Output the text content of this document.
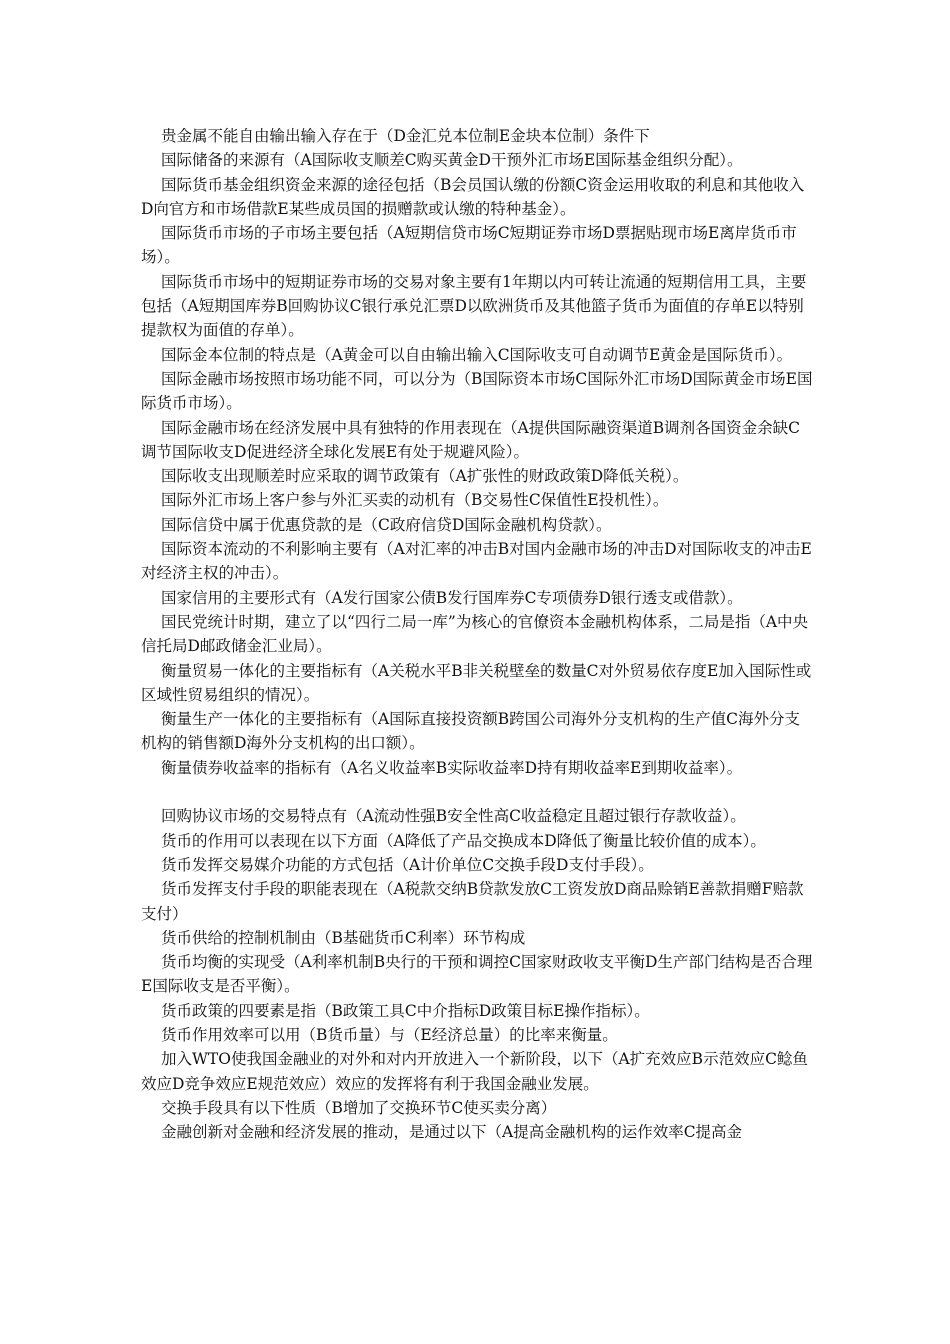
贵金属不能自由输出输入存在于（D金汇兑本位制E金块本位制）条件下

国际储备的来源有（A国际收支顺差C购买黄金D干预外汇市场E国际基金组织分配）。

国际货币基金组织资金来源的途径包括（B会员国认缴的份额C资金运用收取的利息和其他收入D向官方和市场借款E某些成员国的损赠款或认缴的特种基金）。

国际货币市场的子市场主要包括（A短期信贷市场C短期证券市场D票据贴现市场E离岸货币市场）。

国际货币市场中的短期证券市场的交易对象主要有1年期以内可转让流通的短期信用工具，主要包括（A短期国库券B回购协议C银行承兑汇票D以欧洲货币及其他篮子货币为面值的存单E以特别提款权为面值的存单）。

国际金本位制的特点是（A黄金可以自由输出输入C国际收支可自动调节E黄金是国际货币）。

国际金融市场按照市场功能不同，可以分为（B国际资本市场C国际外汇市场D国际黄金市场E国际货币市场）。

国际金融市场在经济发展中具有独特的作用表现在（A提供国际融资渠道B调剂各国资金余缺C调节国际收支D促进经济全球化发展E有处于规避风险）。

国际收支出现顺差时应采取的调节政策有（A扩张性的财政政策D降低关税）。

国际外汇市场上客户参与外汇买卖的动机有（B交易性C保值性E投机性）。

国际信贷中属于优惠贷款的是（C政府信贷D国际金融机构贷款）。

国际资本流动的不利影响主要有（A对汇率的冲击B对国内金融市场的冲击D对国际收支的冲击E对经济主权的冲击）。

国家信用的主要形式有（A发行国家公债B发行国库券C专项债券D银行透支或借款）。

国民党统计时期，建立了以“四行二局一库”为核心的官僚资本金融机构体系，二局是指（A中央信托局D邮政储金汇业局）。

衡量贸易一体化的主要指标有（A关税水平B非关税壁垒的数量C对外贸易依存度E加入国际性或区域性贸易组织的情况）。

衡量生产一体化的主要指标有（A国际直接投资额B跨国公司海外分支机构的生产值C海外分支机构的销售额D海外分支机构的出口额）。

衡量债券收益率的指标有（A名义收益率B实际收益率D持有期收益率E到期收益率）。

回购协议市场的交易特点有（A流动性强B安全性高C收益稳定且超过银行存款收益）。

货币的作用可以表现在以下方面（A降低了产品交换成本D降低了衡量比较价值的成本）。

货币发挥交易媒介功能的方式包括（A计价单位C交换手段D支付手段）。

货币发挥支付手段的职能表现在（A税款交纳B贷款发放C工资发放D商品赊销E善款捐赠F赔款支付）

货币供给的控制机制由（B基础货币C利率）环节构成

货币均衡的实现受（A利率机制B央行的干预和调控C国家财政收支平衡D生产部门结构是否合理E国际收支是否平衡）。

货币政策的四要素是指（B政策工具C中介指标D政策目标E操作指标）。

货币作用效率可以用（B货币量）与（E经济总量）的比率来衡量。

加入WTO使我国金融业的对外和对内开放进入一个新阶段，以下（A扩充效应B示范效应C鲶鱼效应D竞争效应E规范效应）效应的发挥将有利于我国金融业发展。

交换手段具有以下性质（B增加了交换环节C使买卖分离）

金融创新对金融和经济发展的推动，是通过以下（A提高金融机构的运作效率C提高金
